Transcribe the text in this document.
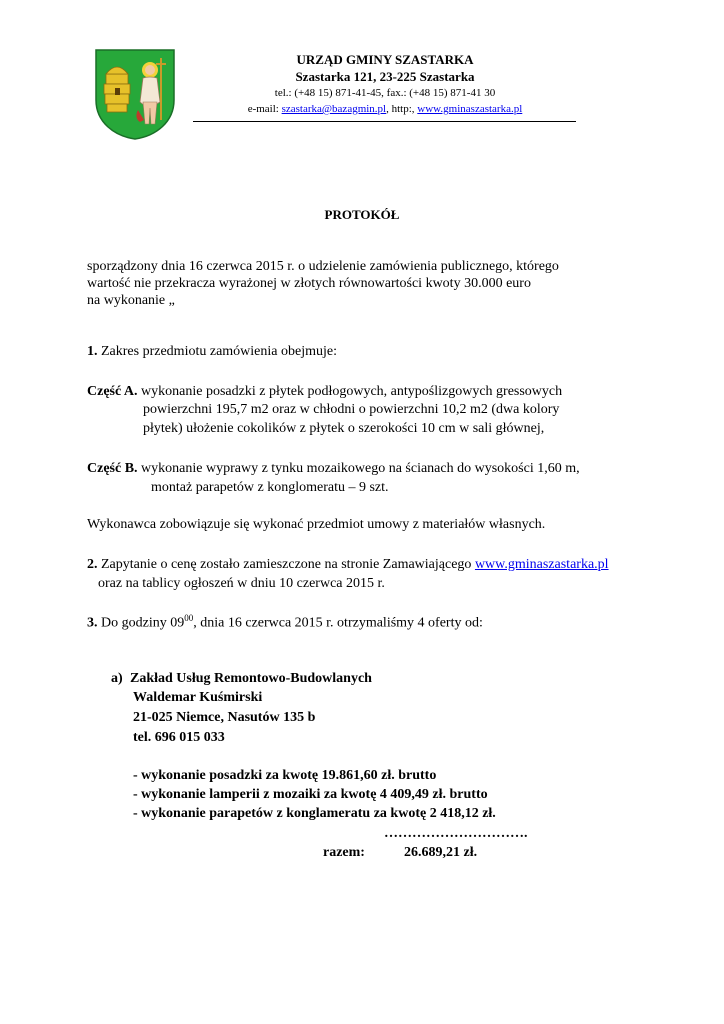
URZĄD GMINY SZASTARKA
Szastarka 121, 23-225 Szastarka
tel.: (+48 15) 871-41-45, fax.: (+48 15) 871-41 30
e-mail: szastarka@bazagmin.pl, http:, www.gminaszastarka.pl
PROTOKÓŁ
sporządzony dnia 16 czerwca 2015 r. o udzielenie zamówienia publicznego, którego
wartość nie przekracza wyrażonej w złotych równowartości kwoty 30.000 euro
na wykonanie „
1. Zakres przedmiotu zamówienia obejmuje:
Część A. wykonanie posadzki z płytek podłogowych, antypoślizgowych gressowych
powierzchni 195,7 m2 oraz w chłodni o powierzchni 10,2 m2 (dwa kolory
płytek) ułożenie cokolików z płytek o szerokości 10 cm w sali głównej,
Część B. wykonanie wyprawy z tynku mozaikowego na ścianach do wysokości 1,60 m,
montaż parapetów z konglomeratu – 9 szt.
Wykonawca zobowiązuje się wykonać przedmiot umowy z materiałów własnych.
2. Zapytanie o cenę zostało zamieszczone na stronie Zamawiającego www.gminaszastarka.pl
oraz na tablicy ogłoszeń w dniu 10 czerwca 2015 r.
3. Do godziny $09^{00}$, dnia 16 czerwca 2015 r. otrzymaliśmy 4 oferty od:
a) Zakład Usług Remontowo-Budowlanych
Waldemar Kuśmirski
21-025 Niemce, Nasutów 135 b
tel. 696 015 033
- wykonanie posadzki za kwotę 19.861,60 zł. brutto
- wykonanie lamperii z mozaiki za kwotę 4 409,49 zł. brutto
- wykonanie parapetów z konglameratu za kwotę 2 418,12 zł.
………………………….
razem:	26.689,21 zł.
